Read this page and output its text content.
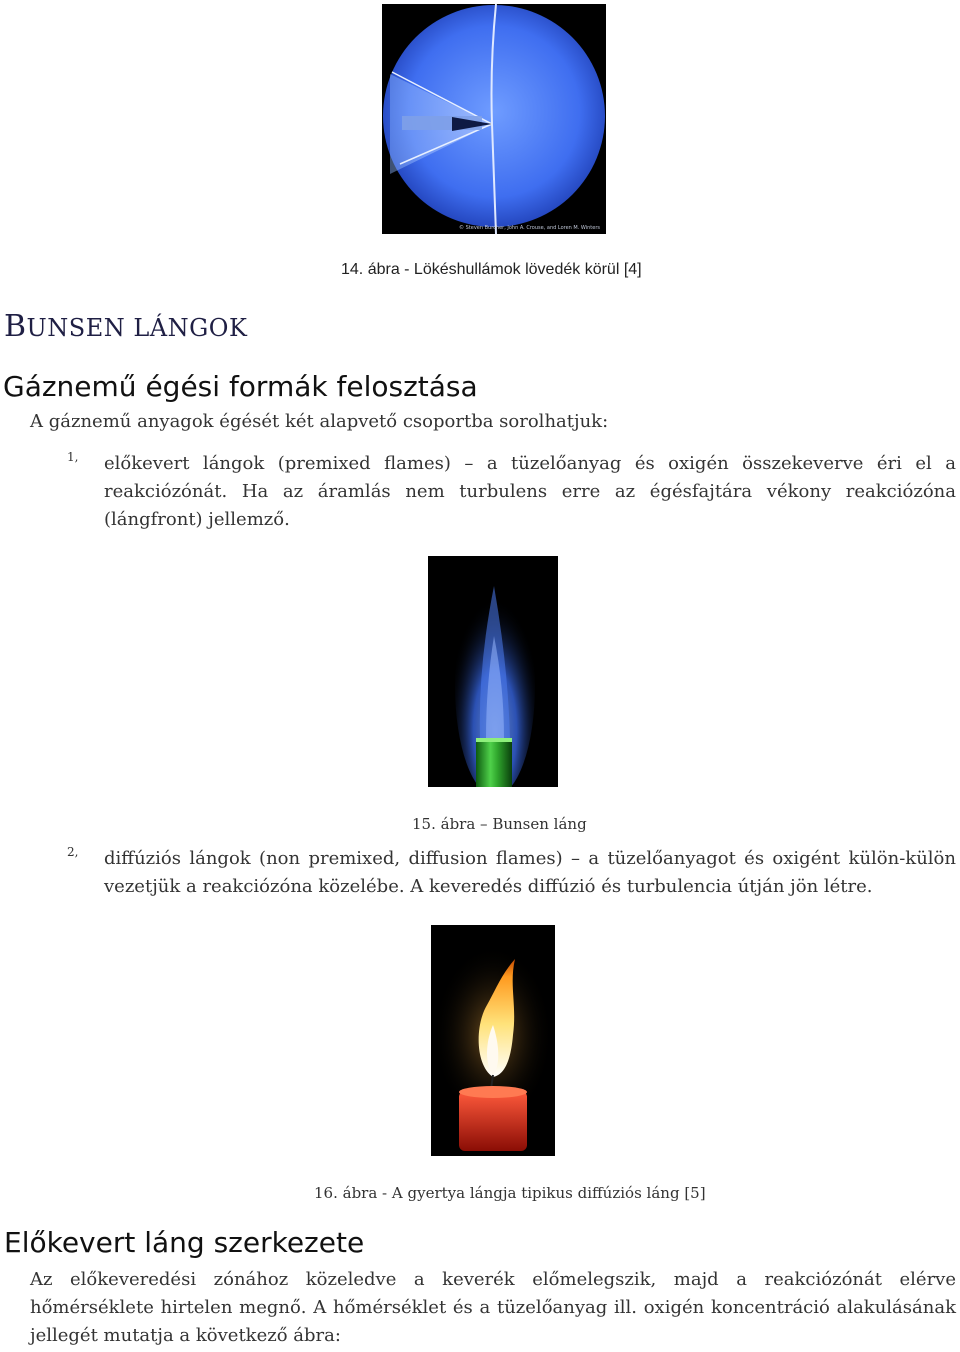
© Steven Burcher, John A. Crouse, and Loren M. Winters
14. ábra - Lökéshullámok lövedék körül [4]
BUNSEN LÁNGOK
Gáznemű égési formák felosztása
A gáznemű anyagok égését két alapvető csoportba sorolhatjuk:
1, előkevert lángok (premixed flames) – a tüzelőanyag és oxigén összekeverve éri el a reakciózónát. Ha az áramlás nem turbulens erre az égésfajtára vékony reakciózóna (lángfront) jellemző.
15. ábra – Bunsen láng
2, diffúziós lángok (non premixed, diffusion flames) – a tüzelőanyagot és oxigént külön-külön vezetjük a reakciózóna közelébe. A keveredés diffúzió és turbulencia útján jön létre.
16. ábra - A gyertya lángja tipikus diffúziós láng [5]
Előkevert láng szerkezete
Az előkeveredési zónához közeledve a keverék előmelegszik, majd a reakciózónát elérve hőmérséklete hirtelen megnő. A hőmérséklet és a tüzelőanyag ill. oxigén koncentráció alakulásának jellegét mutatja a következő ábra:
